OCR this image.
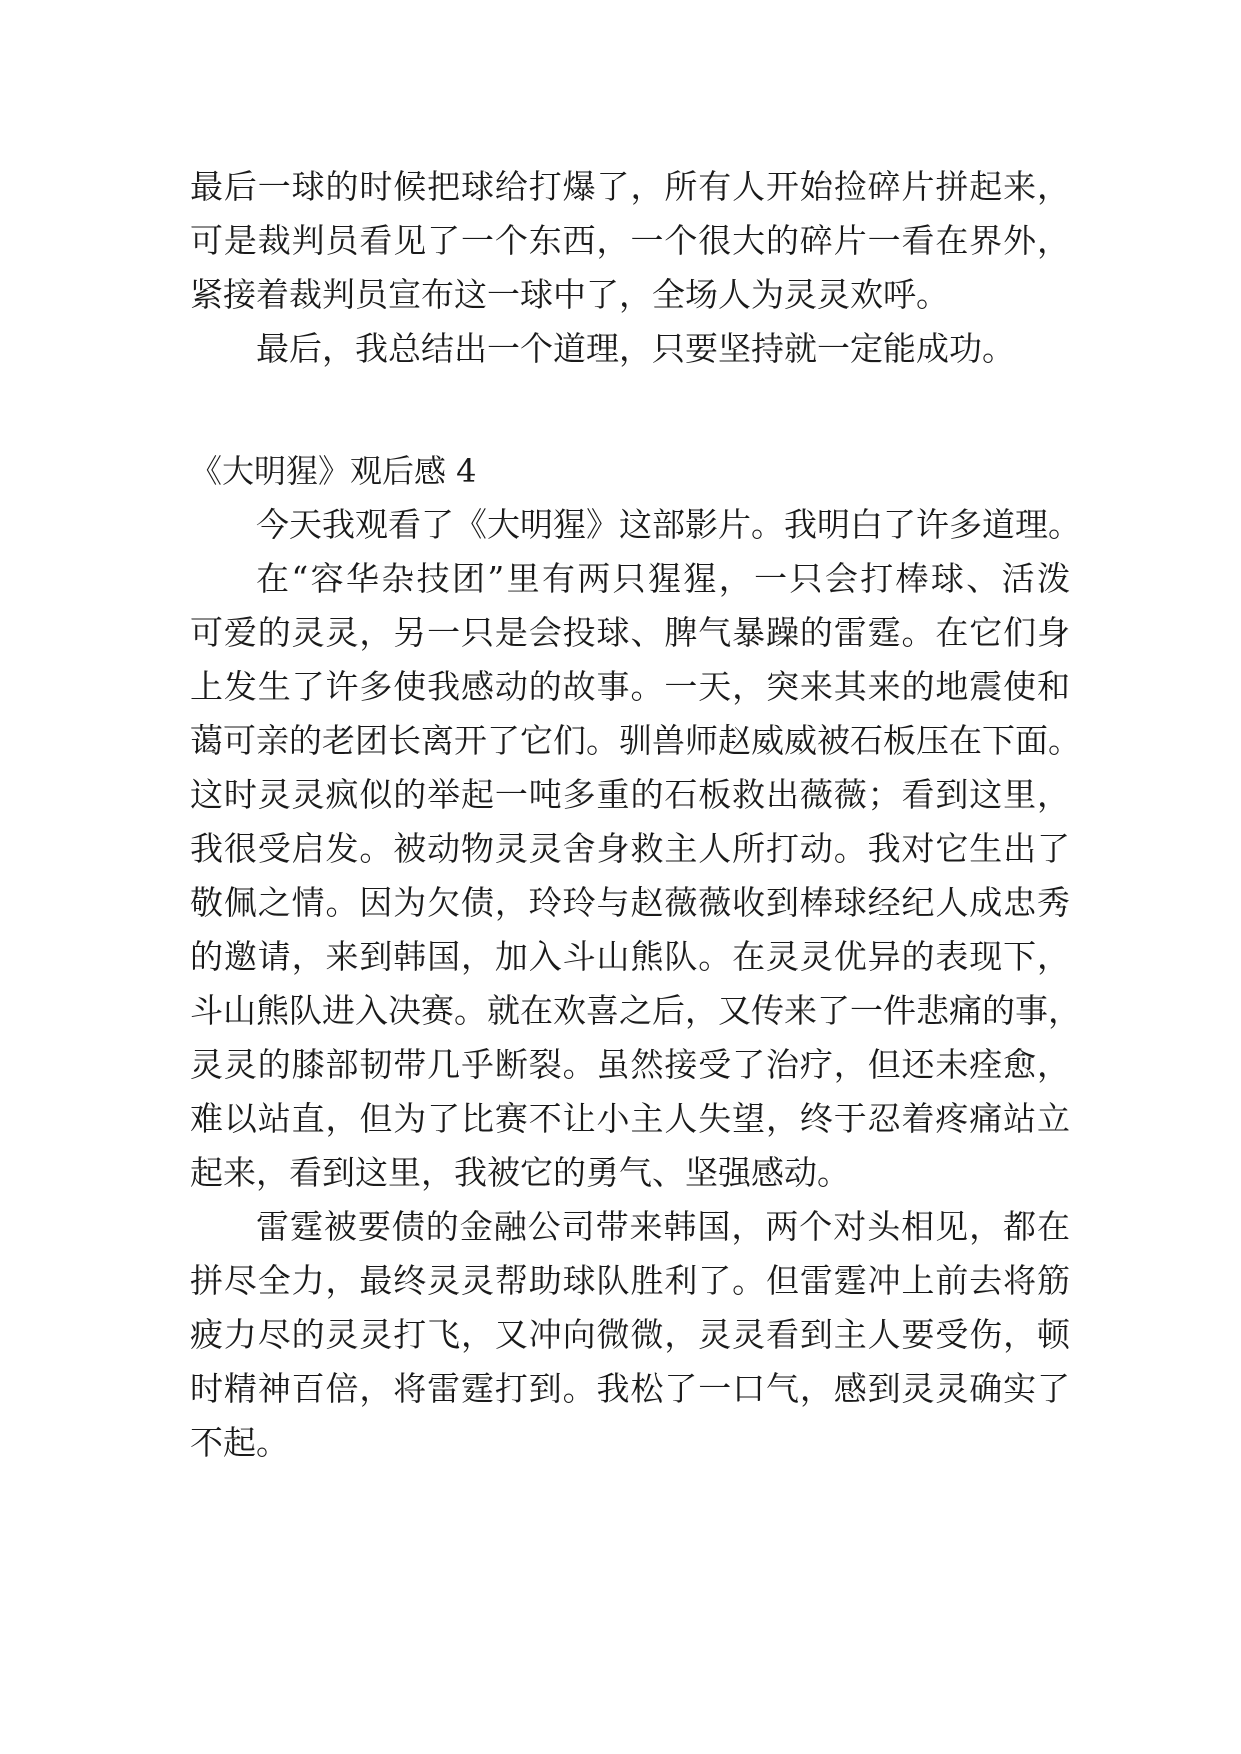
最后一球的时候把球给打爆了，所有人开始捡碎片拼起来，
可是裁判员看见了一个东西，一个很大的碎片一看在界外，
紧接着裁判员宣布这一球中了，全场人为灵灵欢呼。
最后，我总结出一个道理，只要坚持就一定能成功。
《大明猩》观后感 4
今天我观看了《大明猩》这部影片。我明白了许多道理。
在“容华杂技团”里有两只猩猩，一只会打棒球、活泼
可爱的灵灵，另一只是会投球、脾气暴躁的雷霆。在它们身
上发生了许多使我感动的故事。一天，突来其来的地震使和
蔼可亲的老团长离开了它们。驯兽师赵威威被石板压在下面。
这时灵灵疯似的举起一吨多重的石板救出薇薇；看到这里，
我很受启发。被动物灵灵舍身救主人所打动。我对它生出了
敬佩之情。因为欠债，玲玲与赵薇薇收到棒球经纪人成忠秀
的邀请，来到韩国，加入斗山熊队。在灵灵优异的表现下，
斗山熊队进入决赛。就在欢喜之后，又传来了一件悲痛的事，
灵灵的膝部韧带几乎断裂。虽然接受了治疗，但还未痊愈，
难以站直，但为了比赛不让小主人失望，终于忍着疼痛站立
起来，看到这里，我被它的勇气、坚强感动。
雷霆被要债的金融公司带来韩国，两个对头相见，都在
拼尽全力，最终灵灵帮助球队胜利了。但雷霆冲上前去将筋
疲力尽的灵灵打飞，又冲向微微，灵灵看到主人要受伤，顿
时精神百倍，将雷霆打到。我松了一口气，感到灵灵确实了
不起。
